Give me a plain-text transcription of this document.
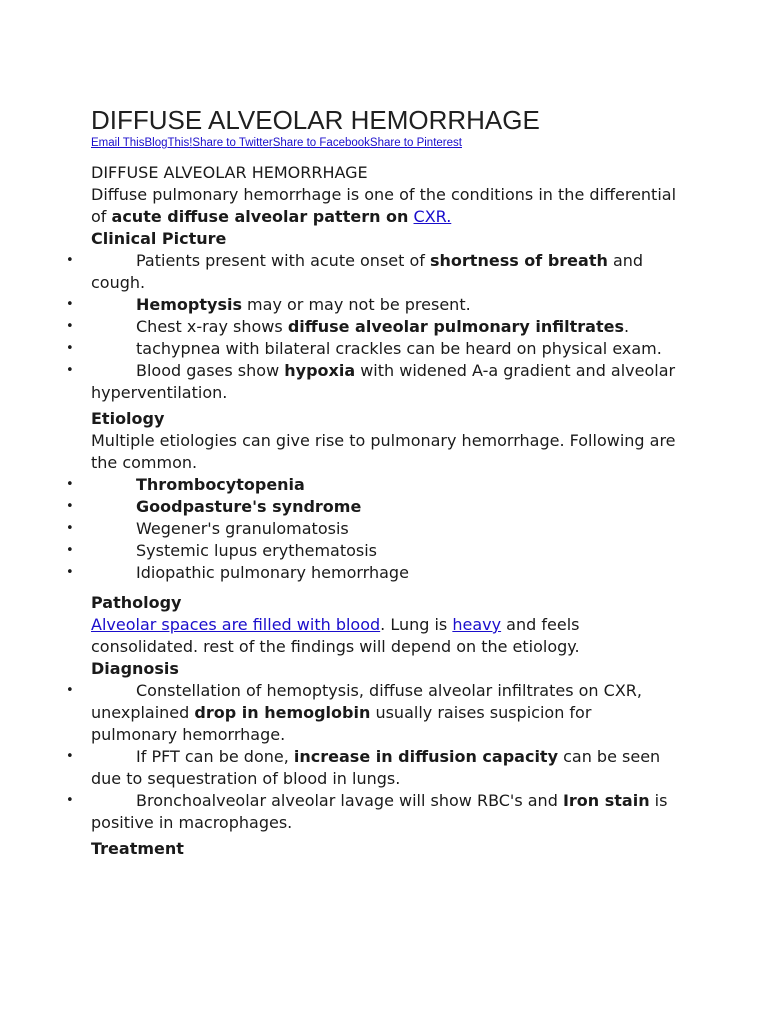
DIFFUSE ALVEOLAR HEMORRHAGE
Email ThisBlogThis!Share to TwitterShare to FacebookShare to Pinterest

DIFFUSE ALVEOLAR HEMORRHAGE

Diffuse pulmonary hemorrhage is one of the conditions in the differential of acute diffuse alveolar pattern on CXR.

Clinical Picture

•	Patients present with acute onset of shortness of breath and cough.
•	Hemoptysis may or may not be present.
•	Chest x-ray shows diffuse alveolar pulmonary infiltrates.
•	tachypnea with bilateral crackles can be heard on physical exam.
•	Blood gases show hypoxia with widened A-a gradient and alveolar hyperventilation.

Etiology

Multiple etiologies can give rise to pulmonary hemorrhage. Following are the common.

•	Thrombocytopenia
•	Goodpasture's syndrome
•	Wegener's granulomatosis
•	Systemic lupus erythematosis
•	Idiopathic pulmonary hemorrhage

Pathology

Alveolar spaces are filled with blood. Lung is heavy and feels consolidated. rest of the findings will depend on the etiology.

Diagnosis

•	Constellation of hemoptysis, diffuse alveolar infiltrates on CXR, unexplained drop in hemoglobin usually raises suspicion for pulmonary hemorrhage.
•	If PFT can be done, increase in diffusion capacity can be seen due to sequestration of blood in lungs.
•	Bronchoalveolar alveolar lavage will show RBC's and Iron stain is positive in macrophages.

Treatment
